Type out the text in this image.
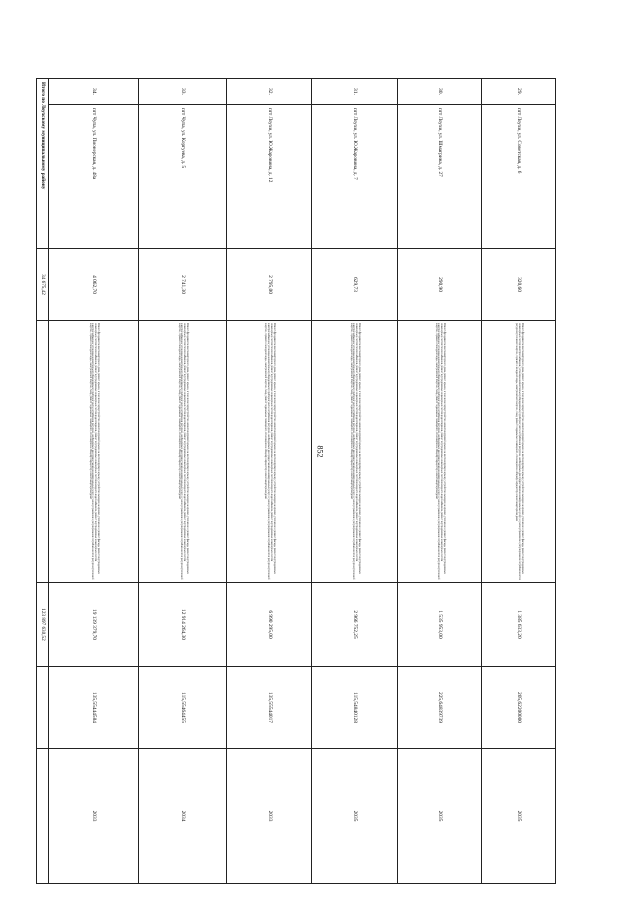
852
29.	пгт Лоухи, ул. Советская, д. 6	320,60	Ремонт фундамента многоквартирного дома, ремонт крыши, в том числе переустройство невентилируемой крыши на вентилируемую крышу, устройство выходов на кровлю, утепление и ремонт фасада, ремонт внутридомовых инженерных систем электроснабжения, установка коллективных (общедомовых) приборов учета потребления ресурсов, необходимых для предоставления коммунальных услуг, и узлов управления и регулирования потребления этих ресурсов (тепловой энергии, горячей и холодной воды, электрической энергии, газа), ремонт подвальных помещений, относящихся к общему имуществу в многоквартирном доме	1 385 633,20	205,62200000	2035
30.	пгт Лоухи, ул. Шмагрина, д. 27	290,90	Ремонт фундамента многоквартирного дома, ремонт крыши, в том числе переустройство невентилируемой крыши на вентилируемую крышу, устройство выходов на кровлю, утепление и ремонт фасада, ремонт внутридомовых инженерных систем теплоснабжения, ремонт внутридомовых инженерных систем водоотведения, ремонт внутридомовых инженерных систем холодного водоснабжения, ремонт внутридомовых инженерных систем электроснабжения, установка коллективных (общедомовых) приборов учета потребления ресурсов, необходимых для предоставления коммунальных услуг, и узлов управления и регулирования потребления этих ресурсов (тепловой энергии, горячей и холодной воды, электрической энергии, газа), ремонт подвальных помещений, относящихся к общему имуществу в многоквартирном доме	1 535 953,00	225,64839739	2035
31.	пгт Лоухи, ул. Ю.Жаровина, д. 7	629,73	Ремонт фундамента многоквартирного дома, ремонт крыши, в том числе переустройство невентилируемой крыши на вентилируемую крышу, устройство выходов на кровлю, утепление и ремонт фасада, ремонт внутридомовых инженерных систем теплоснабжения, ремонт внутридомовых инженерных систем водоотведения, ремонт внутридомовых инженерных систем холодного водоснабжения, ремонт внутридомовых инженерных систем электроснабжения, установка коллективных (общедомовых) приборов учета потребления ресурсов, необходимых для предоставления коммунальных услуг, и узлов управления и регулирования потребления этих ресурсов (тепловой энергии, горячей и холодной воды, электрической энергии, газа), ремонт подвальных помещений, относящихся к общему имуществу в многоквартирном доме	2 966 752,25	115,54840128	2035
32.	пгт Лоухи, ул. Ю.Жаровина, д. 12	2 795,00	Ремонт фундамента многоквартирного дома, ремонт крыши, в том числе переустройство невентилируемой крыши на вентилируемую крышу, устройство выходов на кровлю, утепление и ремонт фасада, ремонт внутридомовых инженерных систем теплоснабжения, ремонт внутридомовых инженерных систем водоотведения, ремонт внутридомовых инженерных систем холодного водоснабжения, ремонт внутридомовых инженерных систем электроснабжения, установка коллективных (общедомовых) приборов учета потребления ресурсов, необходимых для предоставления коммунальных услуг, и узлов управления и регулирования потребления этих ресурсов (тепловой энергии, горячей и холодной воды, электрической энергии, газа), ремонт подвальных помещений, относящихся к общему имуществу в многоквартирном доме	6 990 295,00	135,55544017	2033
33.	пгт Чупа, ул. Коргуева, д. 5	2 741,30	Ремонт фундамента многоквартирного дома, ремонт крыши, в том числе переустройство невентилируемой крыши на вентилируемую крышу, устройство выходов на кровлю, утепление и ремонт фасада, ремонт внутридомовых инженерных систем теплоснабжения, ремонт внутридомовых инженерных систем водоотведения, ремонт внутридомовых инженерных систем холодного водоснабжения, ремонт внутридомовых инженерных систем электроснабжения, установка коллективных (общедомовых) приборов учета потребления ресурсов, необходимых для предоставления коммунальных услуг, и узлов управления и регулирования потребления этих ресурсов (тепловой энергии, горячей и холодной воды, электрической энергии, газа), ремонт подвальных помещений, относящихся к общему имуществу в многоквартирном доме	12 914 264,30	115,55464455	2034
34.	пгт Чупа, ул. Пионерская, д. 48а	4 062,70	Ремонт фундамента многоквартирного дома, ремонт крыши, в том числе переустройство невентилируемой крыши на вентилируемую крышу, устройство выходов на кровлю, утепление и ремонт фасада, ремонт внутридомовых инженерных систем теплоснабжения, ремонт внутридомовых инженерных систем водоотведения, ремонт внутридомовых инженерных систем холодного водоснабжения, ремонт внутридомовых инженерных систем электроснабжения, установка коллективных (общедомовых) приборов учета потребления ресурсов, необходимых для предоставления коммунальных услуг, и узлов управления и регулирования потребления этих ресурсов (тепловой энергии, горячей и холодной воды, электрической энергии, газа), ремонт подвальных помещений, относящихся к общему имуществу в многоквартирном доме	19 139 379,70	135,55444584	2033
Итого по Лоухскому муниципальному району		34 675,42		123 897 630,52		
